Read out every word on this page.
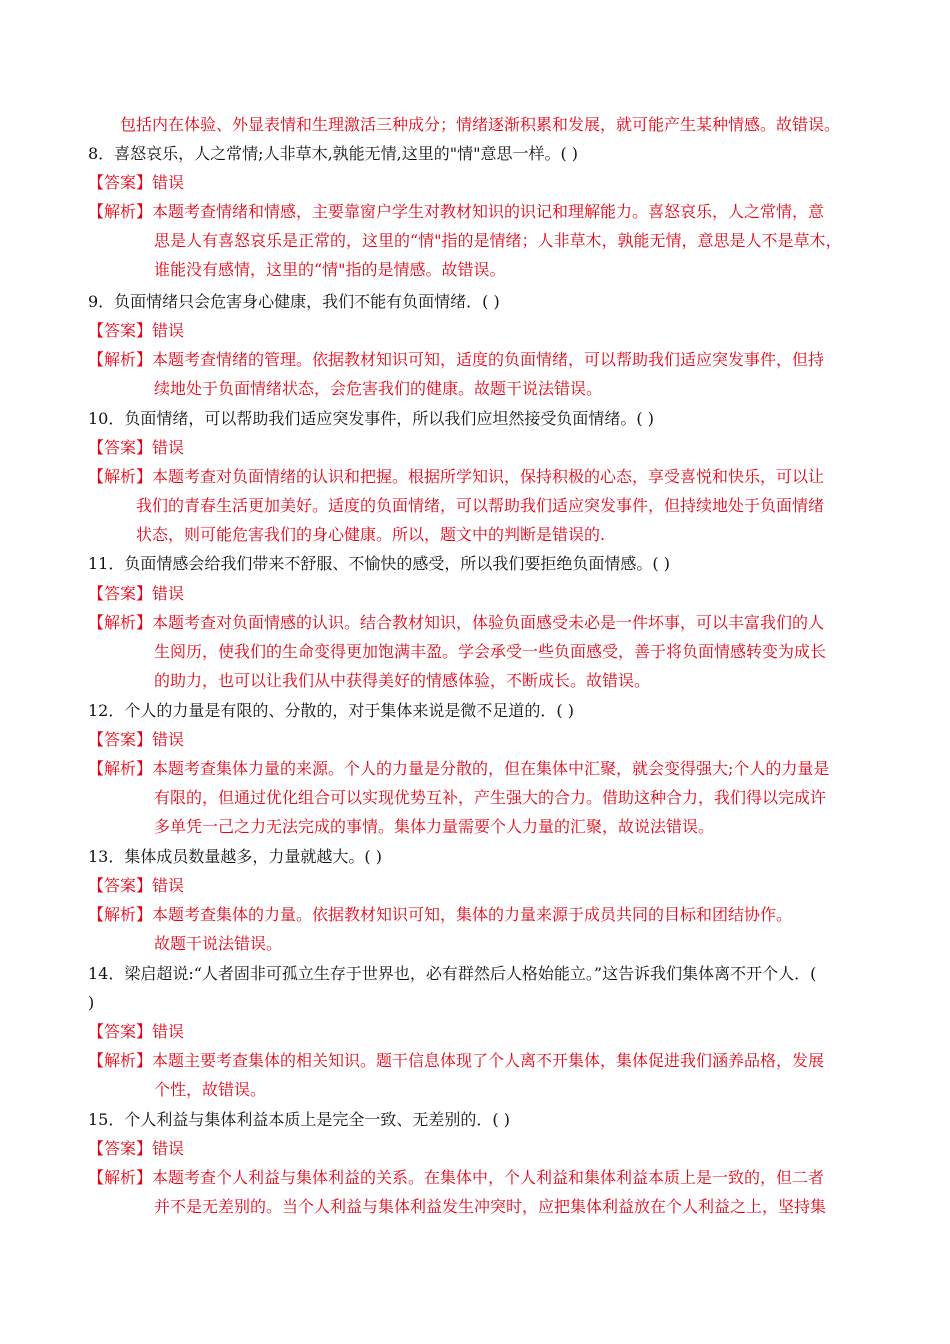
包括内在体验、外显表情和生理激活三种成分；情绪逐渐积累和发展，就可能产生某种情感。故错误。
8．喜怒哀乐，人之常情;人非草木,孰能无情,这里的"情"意思一样。( )
【答案】错误
【解析】本题考查情绪和情感，主要靠窗户学生对教材知识的识记和理解能力。喜怒哀乐，人之常情，意
思是人有喜怒哀乐是正常的，这里的“情"指的是情绪；人非草木，孰能无情，意思是人不是草木，
谁能没有感情，这里的“情"指的是情感。故错误。
9．负面情绪只会危害身心健康，我们不能有负面情绪．( )
【答案】错误
【解析】本题考查情绪的管理。依据教材知识可知，适度的负面情绪，可以帮助我们适应突发事件，但持
续地处于负面情绪状态，会危害我们的健康。故题干说法错误。
10．负面情绪，可以帮助我们适应突发事件，所以我们应坦然接受负面情绪。( )
【答案】错误
【解析】本题考查对负面情绪的认识和把握。根据所学知识，保持积极的心态，享受喜悦和快乐，可以让
我们的青春生活更加美好。适度的负面情绪，可以帮助我们适应突发事件，但持续地处于负面情绪
状态，则可能危害我们的身心健康。所以，题文中的判断是错误的.
11．负面情感会给我们带来不舒服、不愉快的感受，所以我们要拒绝负面情感。( )
【答案】错误
【解析】本题考查对负面情感的认识。结合教材知识，体验负面感受未必是一件坏事，可以丰富我们的人
生阅历，使我们的生命变得更加饱满丰盈。学会承受一些负面感受，善于将负面情感转变为成长
的助力，也可以让我们从中获得美好的情感体验，不断成长。故错误。
12．个人的力量是有限的、分散的，对于集体来说是微不足道的．( )
【答案】错误
【解析】本题考查集体力量的来源。个人的力量是分散的，但在集体中汇聚，就会变得强大;个人的力量是
有限的，但通过优化组合可以实现优势互补，产生强大的合力。借助这种合力，我们得以完成许
多单凭一己之力无法完成的事情。集体力量需要个人力量的汇聚，故说法错误。
13．集体成员数量越多，力量就越大。( )
【答案】错误
【解析】本题考查集体的力量。依据教材知识可知，集体的力量来源于成员共同的目标和团结协作。
故题干说法错误。
14．梁启超说:“人者固非可孤立生存于世界也，必有群然后人格始能立。”这告诉我们集体离不开个人．(
)
【答案】错误
【解析】本题主要考查集体的相关知识。题干信息体现了个人离不开集体，集体促进我们涵养品格，发展
个性，故错误。
15．个人利益与集体利益本质上是完全一致、无差别的．( )
【答案】错误
【解析】本题考查个人利益与集体利益的关系。在集体中，个人利益和集体利益本质上是一致的，但二者
并不是无差别的。当个人利益与集体利益发生冲突时，应把集体利益放在个人利益之上，坚持集
